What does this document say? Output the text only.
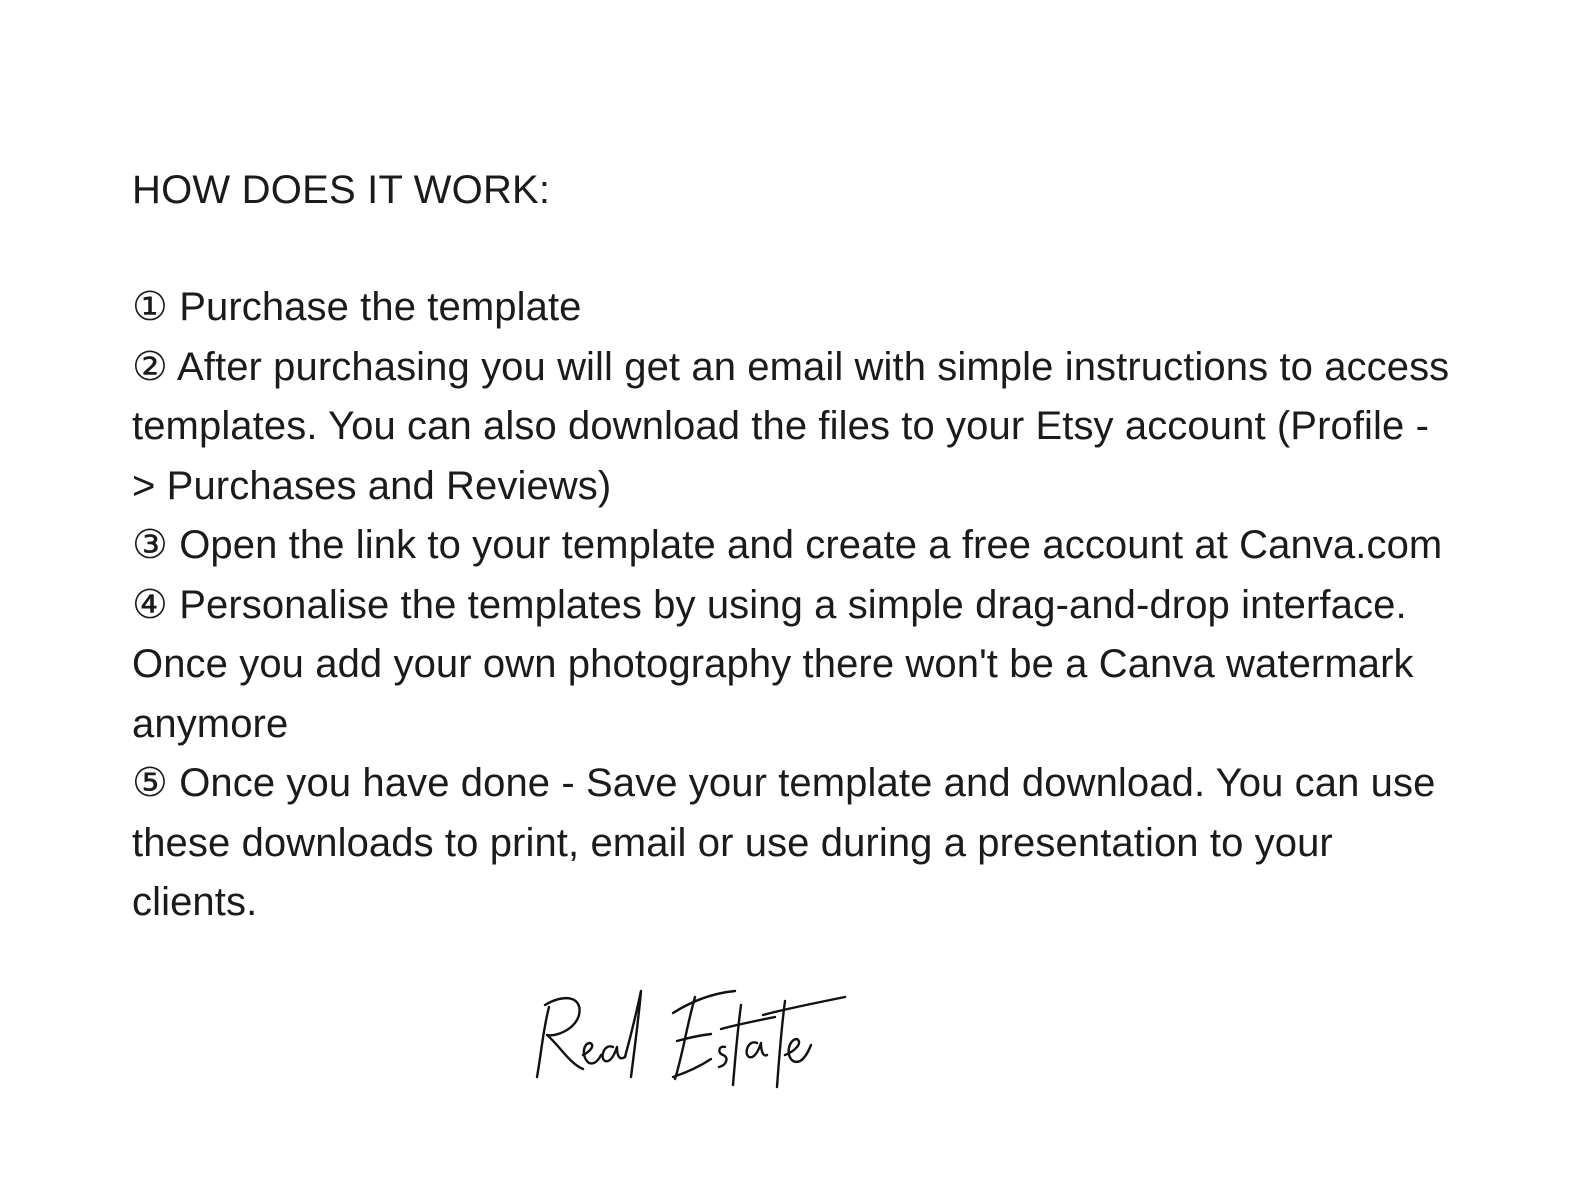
HOW DOES IT WORK:
① Purchase the template
② After purchasing you will get an email with simple instructions to access templates. You can also download the files to your Etsy account (Profile -> Purchases and Reviews)
③ Open the link to your template and create a free account at Canva.com
④ Personalise the templates by using a simple drag-and-drop interface. Once you add your own photography there won't be a Canva watermark anymore
⑤ Once you have done - Save your template and download. You can use these downloads to print, email or use during a presentation to your clients.
